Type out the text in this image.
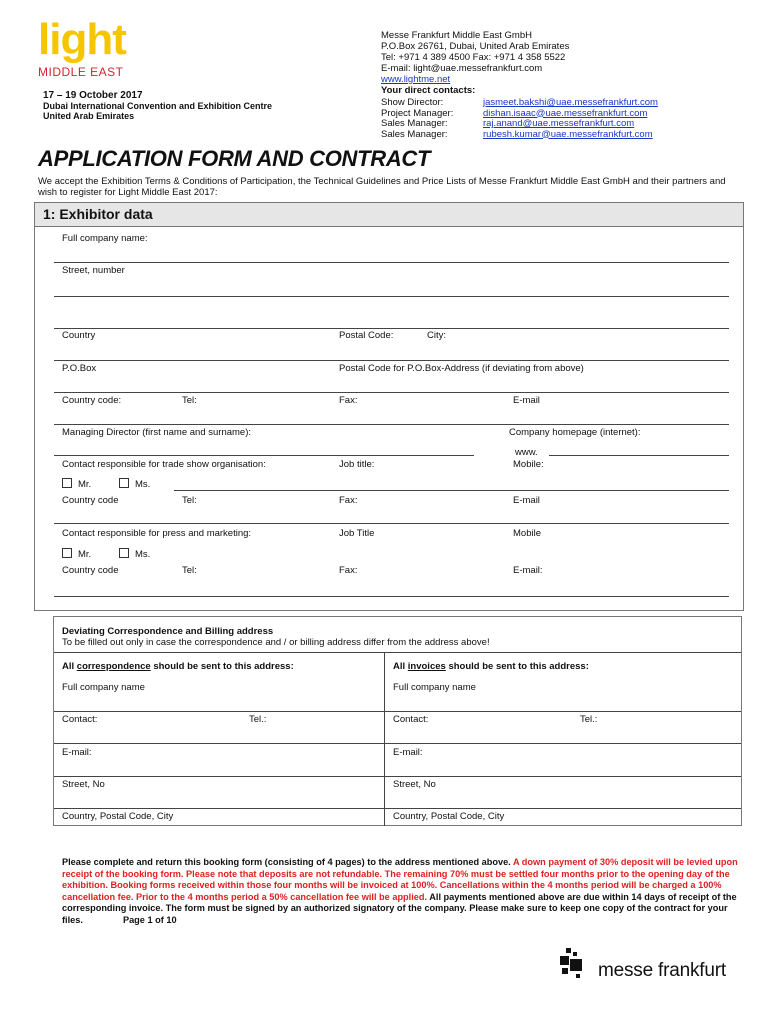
light
MIDDLE EAST
17 – 19 October 2017
Dubai International Convention and Exhibition Centre
United Arab Emirates
Messe Frankfurt Middle East GmbH
P.O.Box 26761, Dubai, United Arab Emirates
Tel: +971 4 389 4500 Fax: +971 4 358 5522
E-mail: light@uae.messefrankfurt.com
www.lightme.net
Your direct contacts:
Show Director:	jasmeet.bakshi@uae.messefrankfurt.com
Project Manager:	dishan.isaac@uae.messefrankfurt.com
Sales Manager:	raj.anand@uae.messefrankfurt.com
Sales Manager:	rubesh.kumar@uae.messefrankfurt.com
APPLICATION FORM AND CONTRACT
We accept the Exhibition Terms & Conditions of Participation, the Technical Guidelines and Price Lists of Messe Frankfurt Middle East GmbH and their partners and wish to register for Light Middle East 2017:
1: Exhibitor data
Full company name:
Street, number
Country	Postal Code:	City:
P.O.Box	Postal Code for P.O.Box-Address (if deviating from above)
Country code:	Tel:	Fax:	E-mail
Managing Director (first name and surname):	Company homepage (internet):
www.
Contact responsible for trade show organisation:	Job title:	Mobile:
Mr.	Ms.
Country code	Tel:	Fax:	E-mail
Contact responsible for press and marketing:	Job Title	Mobile
Mr.	Ms.
Country code	Tel:	Fax:	E-mail:
Deviating Correspondence and Billing address
To be filled out only in case the correspondence and / or billing address differ from the address above!
All correspondence should be sent to this address:	All invoices should be sent to this address:
Full company name	Full company name
Contact:	Tel.:	Contact:	Tel.:
E-mail:	E-mail:
Street, No	Street, No
Country, Postal Code, City	Country, Postal Code, City
Please complete and return this booking form (consisting of 4 pages) to the address mentioned above. A down payment of 30% deposit will be levied upon receipt of the booking form. Please note that deposits are not refundable. The remaining 70% must be settled four months prior to the opening day of the exhibition. Booking forms received within those four months will be invoiced at 100%. Cancellations within the 4 months period will be charged a 100% cancellation fee. Prior to the 4 months period a 50% cancellation fee will be applied. All payments mentioned above are due within 14 days of receipt of the corresponding invoice. The form must be signed by an authorized signatory of the company. Please make sure to keep one copy of the contract for your files.	Page 1 of 10
messe frankfurt
